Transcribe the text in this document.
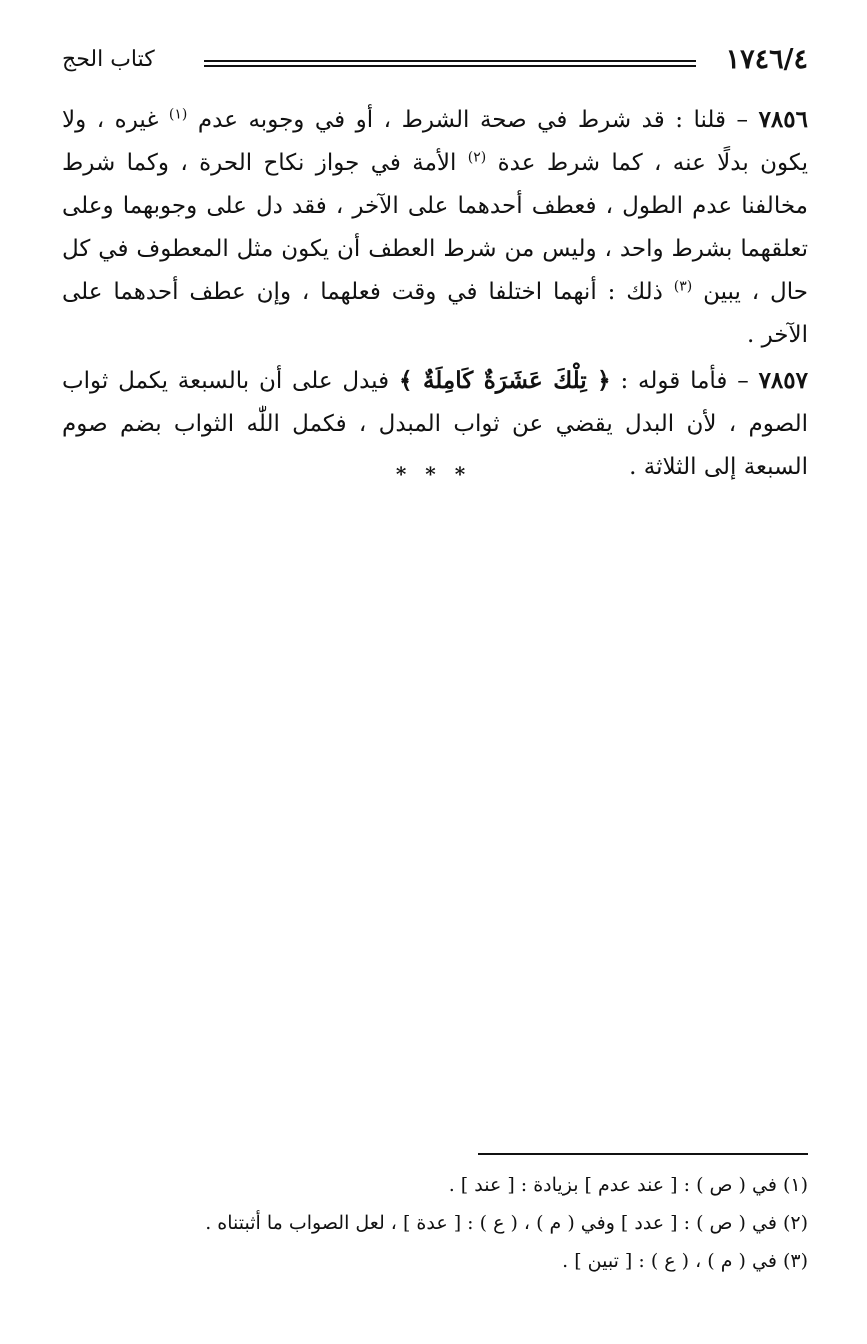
١٧٤٦/٤
كتاب الحج

٧٨٥٦ – قلنا : قد شرط في صحة الشرط ، أو في وجوبه عدم $^{(١)}$ غيره ، ولا يكون بدلًا عنه ، كما شرط عدة $^{(٢)}$ الأمة في جواز نكاح الحرة ، وكما شرط مخالفنا عدم الطول ، فعطف أحدهما على الآخر ، فقد دل على وجوبهما وعلى تعلقهما بشرط واحد ، وليس من شرط العطف أن يكون مثل المعطوف في كل حال ، يبين $^{(٣)}$ ذلك : أنهما اختلفا في وقت فعلهما ، وإن عطف أحدهما على الآخر .

٧٨٥٧ – فأما قوله : ﴿ تِلْكَ عَشَرَةٌ كَامِلَةٌ ﴾ فيدل على أن بالسبعة يكمل ثواب الصوم ، لأن البدل يقضي عن ثواب المبدل ، فكمل اللّٰه الثواب بضم صوم السبعة إلى الثلاثة .

* * *
(١) في ( ص ) : [ عند عدم ] بزيادة : [ عند ] .
(٢) في ( ص ) : [ عدد ] وفي ( م ) ، ( ع ) : [ عدة ] ، لعل الصواب ما أثبتناه .
(٣) في ( م ) ، ( ع ) : [ تبين ] .
